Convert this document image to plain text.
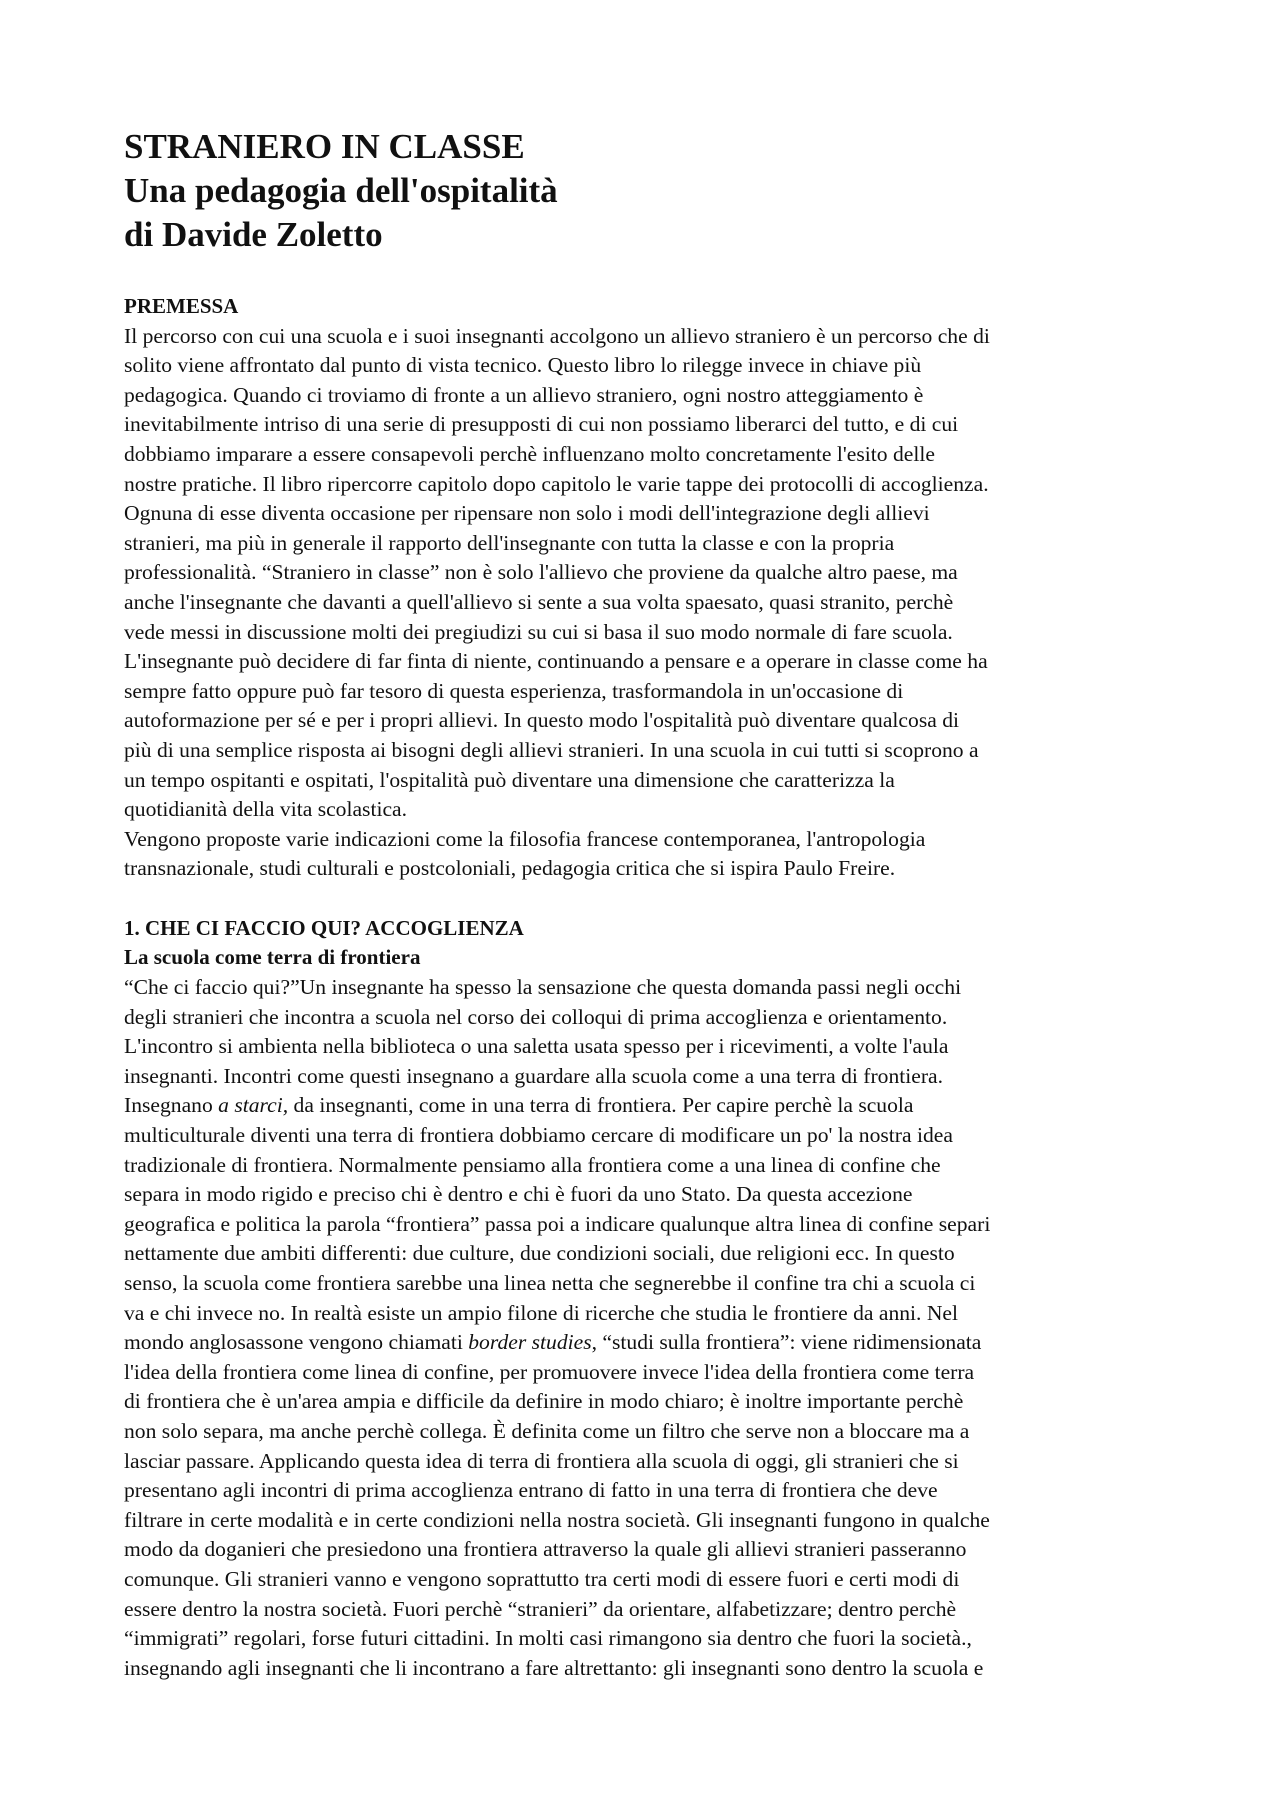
STRANIERO IN CLASSE
Una pedagogia dell'ospitalità
di Davide Zoletto
PREMESSA

Il percorso con cui una scuola e i suoi insegnanti accolgono un allievo straniero è un percorso che di
solito viene affrontato dal punto di vista tecnico. Questo libro lo rilegge invece in chiave più
pedagogica. Quando ci troviamo di fronte a un allievo straniero, ogni nostro atteggiamento è
inevitabilmente intriso di una serie di presupposti di cui non possiamo liberarci del tutto, e di cui
dobbiamo imparare a essere consapevoli perchè influenzano molto concretamente l'esito delle
nostre pratiche. Il libro ripercorre capitolo dopo capitolo le varie tappe dei protocolli di accoglienza.
Ognuna di esse diventa occasione per ripensare non solo i modi dell'integrazione degli allievi
stranieri, ma più in generale il rapporto dell'insegnante con tutta la classe e con la propria
professionalità. “Straniero in classe” non è solo l'allievo che proviene da qualche altro paese, ma
anche l'insegnante che davanti a quell'allievo si sente a sua volta spaesato, quasi stranito, perchè
vede messi in discussione molti dei pregiudizi su cui si basa il suo modo normale di fare scuola.
L'insegnante può decidere di far finta di niente, continuando a pensare e a operare in classe come ha
sempre fatto oppure può far tesoro di questa esperienza, trasformandola in un'occasione di
autoformazione per sé e per i propri allievi. In questo modo l'ospitalità può diventare qualcosa di
più di una semplice risposta ai bisogni degli allievi stranieri. In una scuola in cui tutti si scoprono a
un tempo ospitanti e ospitati, l'ospitalità può diventare una dimensione che caratterizza la
quotidianità della vita scolastica.

Vengono proposte varie indicazioni come la filosofia francese contemporanea, l'antropologia
transnazionale, studi culturali e postcoloniali, pedagogia critica che si ispira Paulo Freire.

1. CHE CI FACCIO QUI? ACCOGLIENZA
La scuola come terra di frontiera

“Che ci faccio qui?”Un insegnante ha spesso la sensazione che questa domanda passi negli occhi
degli stranieri che incontra a scuola nel corso dei colloqui di prima accoglienza e orientamento.
L'incontro si ambienta nella biblioteca o una saletta usata spesso per i ricevimenti, a volte l'aula
insegnanti. Incontri come questi insegnano a guardare alla scuola come a una terra di frontiera.
Insegnano a starci, da insegnanti, come in una terra di frontiera. Per capire perchè la scuola
multiculturale diventi una terra di frontiera dobbiamo cercare di modificare un po' la nostra idea
tradizionale di frontiera. Normalmente pensiamo alla frontiera come a una linea di confine che
separa in modo rigido e preciso chi è dentro e chi è fuori da uno Stato. Da questa accezione
geografica e politica la parola “frontiera” passa poi a indicare qualunque altra linea di confine separi
nettamente due ambiti differenti: due culture, due condizioni sociali, due religioni ecc. In questo
senso, la scuola come frontiera sarebbe una linea netta che segnerebbe il confine tra chi a scuola ci
va e chi invece no. In realtà esiste un ampio filone di ricerche che studia le frontiere da anni. Nel
mondo anglosassone vengono chiamati border studies, “studi sulla frontiera”: viene ridimensionata
l'idea della frontiera come linea di confine, per promuovere invece l'idea della frontiera come terra
di frontiera che è un'area ampia e difficile da definire in modo chiaro; è inoltre importante perchè
non solo separa, ma anche perchè collega. È definita come un filtro che serve non a bloccare ma a
lasciar passare. Applicando questa idea di terra di frontiera alla scuola di oggi, gli stranieri che si
presentano agli incontri di prima accoglienza entrano di fatto in una terra di frontiera che deve
filtrare in certe modalità e in certe condizioni nella nostra società. Gli insegnanti fungono in qualche
modo da doganieri che presiedono una frontiera attraverso la quale gli allievi stranieri passeranno
comunque. Gli stranieri vanno e vengono soprattutto tra certi modi di essere fuori e certi modi di
essere dentro la nostra società. Fuori perchè “stranieri” da orientare, alfabetizzare; dentro perchè
“immigrati” regolari, forse futuri cittadini. In molti casi rimangono sia dentro che fuori la società.,
insegnando agli insegnanti che li incontrano a fare altrettanto: gli insegnanti sono dentro la scuola e
